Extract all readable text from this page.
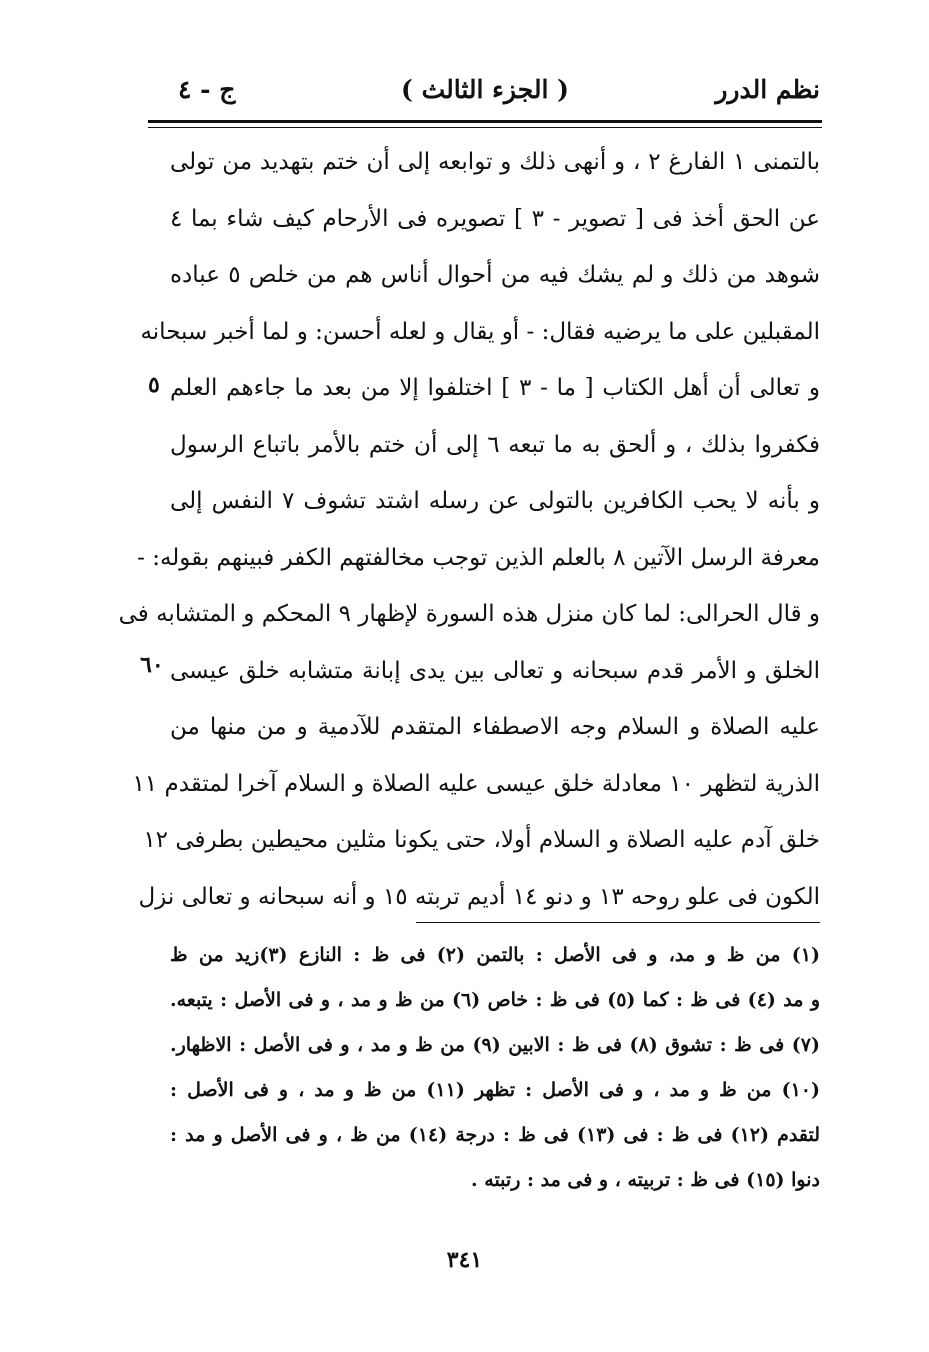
نظم الدرر
( الجزء الثالث )
ج - ٤
بالتمنى ١ الفارغ ٢ ، و أنهى ذلك و توابعه إلى أن ختم بتهديد من تولى
عن الحق أخذ فى [ تصوير - ٣ ] تصويره فى الأرحام كيف شاء بما ٤
شوهد من ذلك و لم يشك فيه من أحوال أناس هم من خلص ٥ عباده
المقبلين على ما يرضيه فقال: - أو يقال و لعله أحسن: و لما أخبر سبحانه
و تعالى أن أهل الكتاب [ ما - ٣ ] اختلفوا إلا من بعد ما جاءهم العلم
فكفروا بذلك ، و ألحق به ما تبعه ٦ إلى أن ختم بالأمر باتباع الرسول
و بأنه لا يحب الكافرين بالتولى عن رسله اشتد تشوف ٧ النفس إلى
معرفة الرسل الآتين ٨ بالعلم الذين توجب مخالفتهم الكفر فبينهم بقوله: -
و قال الحرالى: لما كان منزل هذه السورة لإظهار ٩ المحكم و المتشابه فى
الخلق و الأمر قدم سبحانه و تعالى بين يدى إبانة متشابه خلق عيسى
عليه الصلاة و السلام وجه الاصطفاء المتقدم للآدمية و من منها من
الذرية لتظهر ١٠ معادلة خلق عيسى عليه الصلاة و السلام آخرا لمتقدم ١١
خلق آدم عليه الصلاة و السلام أولا، حتى يكونا مثلين محيطين بطرفى ١٢
الكون فى علو روحه ١٣ و دنو ١٤ أديم تربته ١٥ و أنه سبحانه و تعالى نزل
٥
٦٠
(١) من ظ و مد، و فى الأصل : بالتمن (٢) فى ظ : النازع (٣)زيد من ظ
و مد (٤) فى ظ : كما (٥) فى ظ : خاص (٦) من ظ و مد ، و فى الأصل : يتبعه.
(٧) فى ظ : تشوق (٨) فى ظ : الابين (٩) من ظ و مد ، و فى الأصل : الاظهار.
(١٠) من ظ و مد ، و فى الأصل : تظهر (١١) من ظ و مد ، و فى الأصل :
لتقدم (١٢) فى ظ : فى (١٣) فى ظ : درجة (١٤) من ظ ، و فى الأصل و مد :
دنوا (١٥) فى ظ : تربيته ، و فى مد : رتبته .
٣٤١
